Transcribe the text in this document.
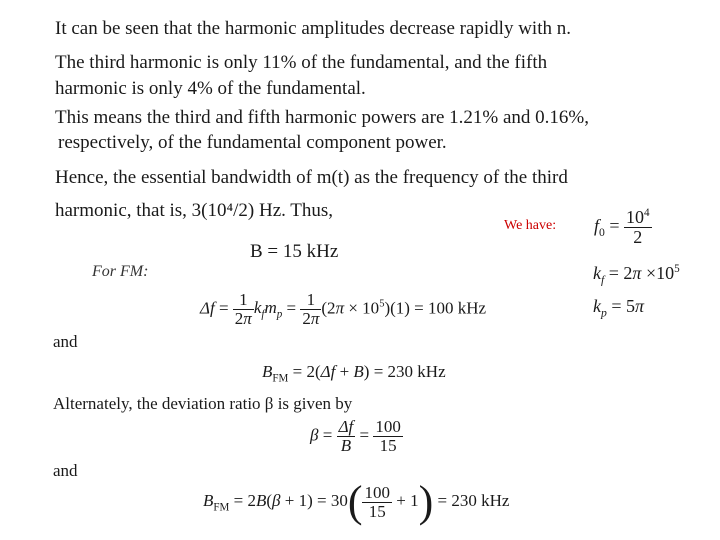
It can be seen that the harmonic amplitudes decrease rapidly with n.
The third harmonic is only 11% of the fundamental, and the fifth
harmonic is only 4% of the fundamental.
This means the third and fifth harmonic powers are 1.21% and 0.16%,
respectively, of the fundamental component power.
Hence, the essential bandwidth of m(t) as the frequency of the third
harmonic, that is, 3(10⁴/2) Hz. Thus,
B = 15 kHz
For FM:
$\Delta f = \frac{1}{2\pi} k_fm_p = \frac{1}{2\pi} (2\pi \times 10^5)(1) = 100$ kHz
and
$B_{FM} = 2(\Delta f + B) = 230$ kHz
Alternately, the deviation ratio β is given by
$\beta = \frac{\Delta f}{B} = \frac{100}{15}$
and
$B_{FM} = 2B(\beta + 1) = 30( \frac{100}{15} + 1) = 230$ kHz
We have: $f_0 = \frac{10^4}{2}$
$k_f = 2\pi \times 10^5$
$k_p = 5\pi$
